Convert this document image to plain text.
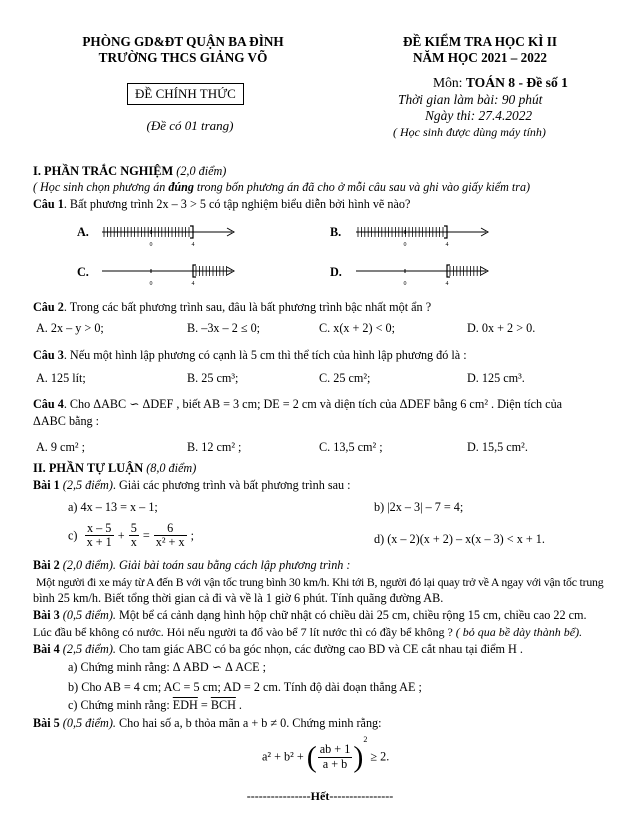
PHÒNG GD&ĐT QUẬN BA ĐÌNH
TRƯỜNG THCS GIẢNG VÕ
ĐỀ CHÍNH THỨC
(Đề có 01 trang)
ĐỀ KIỂM TRA HỌC KÌ II
NĂM HỌC 2021 – 2022
Môn: TOÁN 8 - Đề số 1
Thời gian làm bài: 90 phút
Ngày thi: 27.4.2022
( Học sinh được dùng máy tính)
I. PHẦN TRẮC NGHIỆM (2,0 điểm)
( Học sinh chọn phương án đúng trong bốn phương án đã cho ở mỗi câu sau và ghi vào giấy kiểm tra)
Câu 1. Bất phương trình 2x – 3 > 5 có tập nghiệm biểu diễn bởi hình vẽ nào?
A.
0	4
B.
0	4
C.
0	4
D.
0	4
Câu 2. Trong các bất phương trình sau, đâu là bất phương trình bậc nhất một ẩn ?
A. 2x – y > 0;	B. –3x – 2 ≤ 0;	C. x(x + 2) < 0;	D. 0x + 2 > 0.
Câu 3. Nếu một hình lập phương có cạnh là 5 cm thì thể tích của hình lập phương đó là :
A. 125 lít;	B. 25 cm³;	C. 25 cm²;	D. 125 cm³.
Câu 4. Cho ΔABC ∽ ΔDEF , biết AB = 3 cm; DE = 2 cm và diện tích của ΔDEF bằng 6 cm² . Diện tích của
ΔABC bằng :
A. 9 cm² ;	B. 12 cm² ;	C. 13,5 cm² ;	D. 15,5 cm².
II. PHẦN TỰ LUẬN (8,0 điểm)
Bài 1 (2,5 điểm). Giải các phương trình và bất phương trình sau :
a) 4x – 13 = x – 1;	b) |2x – 3| – 7 = 4;
$c) \frac{x - 5}{x + 1} + \frac{5}{x} = \frac{6}{\text{x² + x}}$ ;	d) (x – 2)(x + 2) – x(x – 3) < x + 1.
Bài 2 (2,0 điểm). Giải bài toán sau bằng cách lập phương trình :
Một người đi xe máy từ A đến B với vận tốc trung bình 30 km/h. Khi tới B, người đó lại quay trở về A ngay với vận tốc trung
bình 25 km/h. Biết tổng thời gian cả đi và về là 1 giờ 6 phút. Tính quãng đường AB.
Bài 3 (0,5 điểm). Một bể cá cảnh dạng hình hộp chữ nhật có chiều dài 25 cm, chiều rộng 15 cm, chiều cao 22 cm.
Lúc đầu bể không có nước. Hỏi nếu người ta đổ vào bể 7 lít nước thì có đầy bể không ? ( bỏ qua bề dày thành bể).
Bài 4 (2,5 điểm). Cho tam giác ABC có ba góc nhọn, các đường cao BD và CE cắt nhau tại điểm H .
a) Chứng minh rằng: Δ ABD ∽ Δ ACE ;
b) Cho AB = 4 cm; AC = 5 cm; AD = 2 cm. Tính độ dài đoạn thẳng AE ;
c) Chứng minh rằng: $\overline{EDH} = \overline{BCH}$ .
Bài 5 (0,5 điểm). Cho hai số a, b thỏa mãn a + b ≠ 0. Chứng minh rằng:
a² + b² + ( $\frac{ab + 1}{a + b} )^2 \ge 2$.
----------------Hết----------------
